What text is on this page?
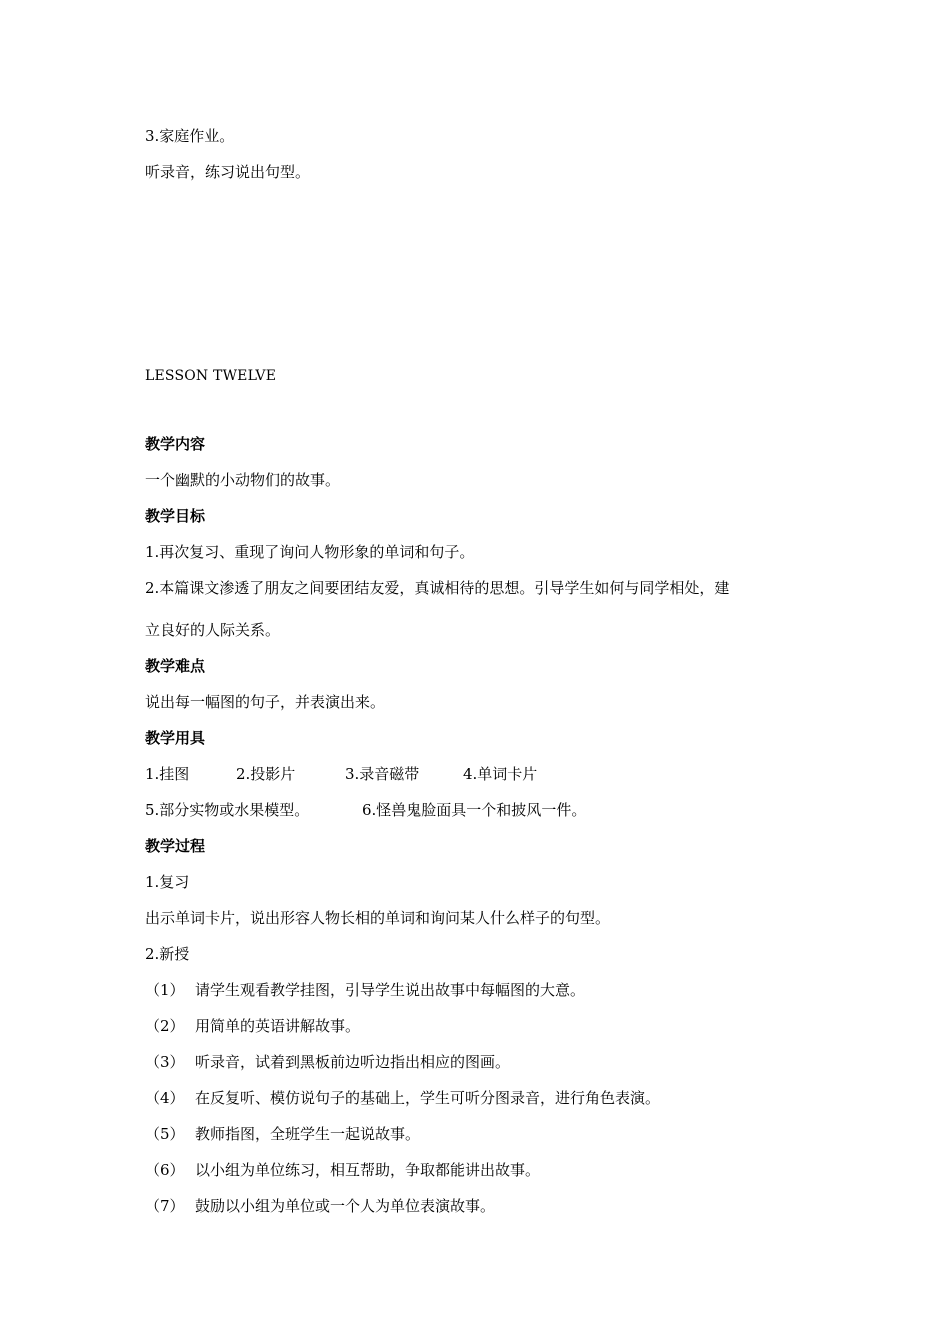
3.家庭作业。
听录音，练习说出句型。
LESSON TWELVE
教学内容
一个幽默的小动物们的故事。
教学目标
1.再次复习、重现了询问人物形象的单词和句子。
2.本篇课文渗透了朋友之间要团结友爱，真诚相待的思想。引导学生如何与同学相处，建
立良好的人际关系。
教学难点
说出每一幅图的句子，并表演出来。
教学用具
1.挂图	2.投影片	3.录音磁带	4.单词卡片
5.部分实物或水果模型。	6.怪兽鬼脸面具一个和披风一件。
教学过程
1.复习
出示单词卡片，说出形容人物长相的单词和询问某人什么样子的句型。
2.新授
（1） 请学生观看教学挂图，引导学生说出故事中每幅图的大意。
（2） 用简单的英语讲解故事。
（3） 听录音，试着到黑板前边听边指出相应的图画。
（4） 在反复听、模仿说句子的基础上，学生可听分图录音，进行角色表演。
（5） 教师指图，全班学生一起说故事。
（6） 以小组为单位练习，相互帮助，争取都能讲出故事。
（7） 鼓励以小组为单位或一个人为单位表演故事。
